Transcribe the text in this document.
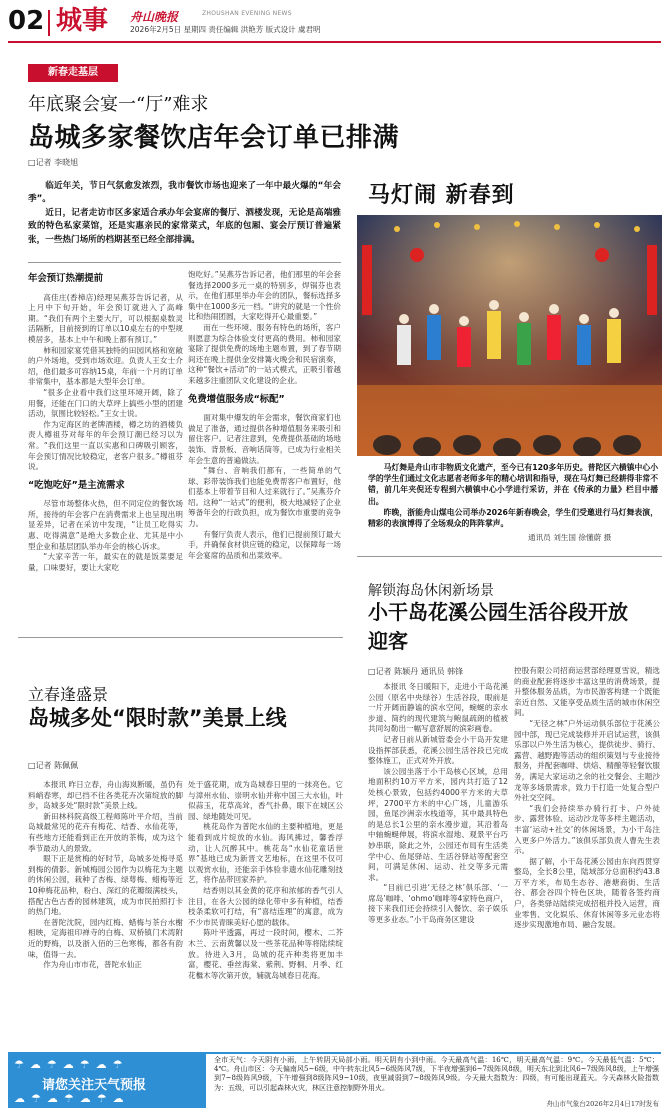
02 城事 舟山晚报	ZHOUSHAN EVENING NEWS
2026年2月5日 星期四 责任编辑 洪艳芳 版式设计 虞君明
新春走基层
年底聚会宴一“厅”难求
岛城多家餐饮店年会订单已排满
□记者 李晓旭

临近年关，节日气氛愈发浓烈，我市餐饮市场也迎来了一年中最火爆的“年会季”。

近日，记者走访市区多家适合承办年会宴席的餐厅、酒楼发现，无论是高端雅致的特色私家菜馆，还是实惠亲民的家常菜式，年底的包厢、宴会厅预订普遍紧张，一些热门场所的档期甚至已经全部排满。

年会预订热潮提前

高佳庄(香樟店)经理吴燕芬告诉记者，从上月中下旬开始，年会预订就进入了高峰期。“我们有两个主要大厅，可以根据桌数灵活隔断，目前接到的订单以10桌左右的中型规模居多，基本上中午和晚上都有预订。”

柿和园家宴凭借其独特的田园风格和宽敞的户外场地，受到市场欢迎。负责人王女士介绍，他们最多可容纳15桌，年前一个月的订单非常集中，基本都是大型年会订单。

“很多企业看中我们这里环境开阔，除了用餐，还能在门口的大草坪上搞些小型的团建活动，氛围比较轻松。”王女士说。

作为定海区的老牌酒楼，樽之坊的酒楼负责人樽祖芬对每年的年会预订潮已经习以为常。“我们这里一直以实惠和口碑吸引顾客，年会预订情况比较稳定，老客户很多。”樽祖芬说。

“吃饱吃好”是主流需求

尽管市场整体火热，但不同定位的餐饮场所，接待的年会客户在消费需求上也呈现出明显差异，记者在采访中发现，“让员工吃得实惠、吃得满意”是绝大多数企业、尤其是中小型企业和基层团队举办年会的核心诉求。

“大家辛苦一年，最实在的就是饭菜要足量，口味要好，要让大家吃

饱吃好。”吴燕芬告诉记者，他们那里的年会套餐选择2000多元一桌的特别多，焊锅芬也表示，在他们那里举办年会的团队，餐标选择多集中在1000多元一档。“讲究的就是一个性价比和热闹团圆，大家吃得开心最重要。”

而在一些环境、服务有特色的场所，客户则愿意为综合体验支付更高的费用。柿和园家宴除了提供免费的场地主题布置，到了春节期间还在晚上提供金安排篝火晚会和民宿演奏，这种“餐饮+活动”的一站式模式，正吸引着越来越多注重团队文化建设的企业。

免费增值服务成“标配”

面对集中爆发的年会需求，餐饮商家们也做足了准备，通过提供各种增值服务来吸引和留住客户。记者注意到，免费提供基础的场地装饰、背景板、音响话筒等，已成为行业相关年会生意的普遍做法。

“舞台、音响我们都有，一些简单的气球、彩带装饰我们也能免费帮客户布置好，他们基本上带着节目和人过来就行了。”吴燕芬介绍。这种“一站式”的便利，极大地减轻了企业筹备年会的行政负担，成为餐饮市重要的竞争力。

有餐厅负责人表示，他们已提前预订最大手，并确保食材供应链的稳定，以保障每一场年会宴席的品质和出菜效率。

马灯闹 新春到

马灯舞是舟山市非物质文化遗产，至今已有120多年历史。普陀区六横镇中心小学的学生们通过文化志愿者老师多年的精心培训和指导，现在马灯舞已经耕得非常不错，前几年夹倪还专程到六横镇中心小学进行采访，并在《传承的力量》栏目中播出。

昨晚，浙能舟山煤电公司举办2026年新春晚会，学生们受邀进行马灯舞表演，精彩的表演博得了全场观众的阵阵掌声。

通讯员 刘生国 徐懂蔚 摄
立春逢盛景
岛城多处“限时款”美景上线
□记者 陈佩佩

本报讯 昨日立春，舟山海岚断暖，虽仍有料峭春寒，却已挡不住各类花卉次第绽放的脚步，岛城多处“限时款”美景上线。

新田林科院高级工程师陈叶平介绍，当前岛城最常见的花卉有梅花、结香、水仙花等，有些地方还能看到正在开放的茶梅，成为这个季节最动人的景致。

眼下正是赏梅的好时节，岛城多处梅寻觅到梅的倩影。新城梅园公园作为以梅花为主题的休闲公园，栽种了杏梅、绿萼梅、蜡梅等近10种梅花品种，粉白、深红的花瓣缀满枝头，搭配古色古香的园林建筑，成为市民拍照打卡的热门地。

在普陀沈院，园内红梅、蜡梅与茶台水榭相映，定海祖印禅寺的白梅、双桥镇门术湾附近的野梅，以及浙入佰的三色寒梅，都各有韵味，值得一去。

作为舟山市市花，普陀水仙正

处于盛花期，成为岛城春日里的一抹亮色。它与漳州水仙、崇明水仙并称中国三大水仙，叶似蒜玉，花草高耸，香气扑鼻，眼下在城区公园、绿地随处可见。

桃花岛作为普陀水仙的主要种植地，更是能看到成片绽放的水仙。海风拂过，馨香浮动，让人沉醉其中。桃花岛“水仙花童话世界”基地已成为新晋文艺地标，在这里不仅可以观赏水仙，还能亲手体验非遗水仙花雕刻技艺，将作品带回家养护。

结香则以其金黄的花序和浓郁的香气引人注目，在各大公园的绿化带中多有种植，结香枝条柔软可打结，有“喜结连理”的寓意，成为不少市民青睐美好心愿的载体。

陈叶平透露，再过一段时间，樱木、二芥木兰、云南黄馨以及一些茶花品种等将陆续绽放。待进入3月，岛城的花卉种类将更加丰富，樱花、垂丝海棠、紫荆、野桐、月季、红花檵木等次第开放，辅就岛城春日花海。

解锁海岛休闲新场景
小干岛花溪公园生活谷段开放迎客
□记者 陈颖丹 通讯员 韩锋

本报讯 冬日暖阳下，走进小干岛花溪公园（原名中央绿谷）生活谷段，眼前是一片开阔而静谧的滨水空间，蜿蜒的亲水步道、简约的现代建筑与鲍鼠疏朗的植被共同勾勒出一幅写意舒展的滨彩画卷。

记者日前从新城管委会小干岛开发建设指挥部获悉，花溪公园生活谷段已完成整体施工，正式对外开放。

该公园坐落于小干岛核心区域，总用地面积约10万平方米，园内共打造了12处核心景致，包括约4000平方米的大草坪，2700平方米的中心广场，儿童游乐园，鱼尾沙洲亲水栈道等，其中最具特色的是总长1公里的亲水漫步道，其沿着岛中轴蜿蜒伸展，将滨水湿地、观景平台巧妙串联，除此之外，公园还布局有生活类学中心、鱼尾驿站、生活谷驿站等配套空间，可满足休闲、运动、社交等多元需求。

“目前已引进‘无径之林’俱乐部、‘一席岛’咖啡、‘ohmo’咖啡等4家特色商户，接下来我们还会持续引入餐饮、亲子娱乐等更多业态。”小干岛商务区建设

控股有限公司招商运营部经理夏雪说，精选的商业配套将逐步丰富这里的消费场景，提升整体服务品质，为市民游客构建一个既能亲近自然、又能享受品质生活的城市休闲空间。

“无径之林”户外运动俱乐部位于花溪公园中部，现已完成装修并开启试运营，该俱乐部以户外生活为核心，提供徒步、骑行、露营、越野跑等活动的组织策划与专业接待服务，并配套咖啡、烘焙、精酿等轻餐饮服务，满足大家运动之余的社交餐会、主题沙龙等多场景需求，致力于打造一处复合型户外社交空间。

“我们会持续举办骑行打卡、户外徒步、露营体验、运动沙龙等多样主题活动，丰富‘运动+社交’的休闲场景，为小干岛注入更多户外活力。”该俱乐部负责人曹先生表示。

据了解，小干岛花溪公园由东向西贯穿整岛，全长8公里，陆域部分总面积约43.8万平方米，布局生态谷、港塘商街、生活谷、都会谷四个特色区块，随着各签约商户，各类驿站陆续完成招租并投入运营，商业零售、文化娱乐、休育休闲等多元业态将逐步实现激地布局、融合发展。

☂☁☂☁☂☁☂
请您关注天气预报
☁☂☁☂☁☂☁
全市天气：今天阴有小雨，上午转阴天局部小雨。明天阴有小到中雨。今天最高气温：16℃，明天最高气温：9℃。今天最低气温：5℃；4℃。舟山市区：今天偏南风5~6级，中午转东北风5~6级阵风7级，下半夜增强到6~7级阵风8级，明天东北到北风6~7级阵风8级，上午增强到7~8级阵风9级，下午增强到8级阵风9~10级，夜里减弱到7~8级阵风9级。今天最大指数为：四级，有可能出现蓝天。今天森林火险指数为：五级，可以引起森林火灾，林区注意控制野外用火。
舟山市气象台2026年2月4日17时发布
